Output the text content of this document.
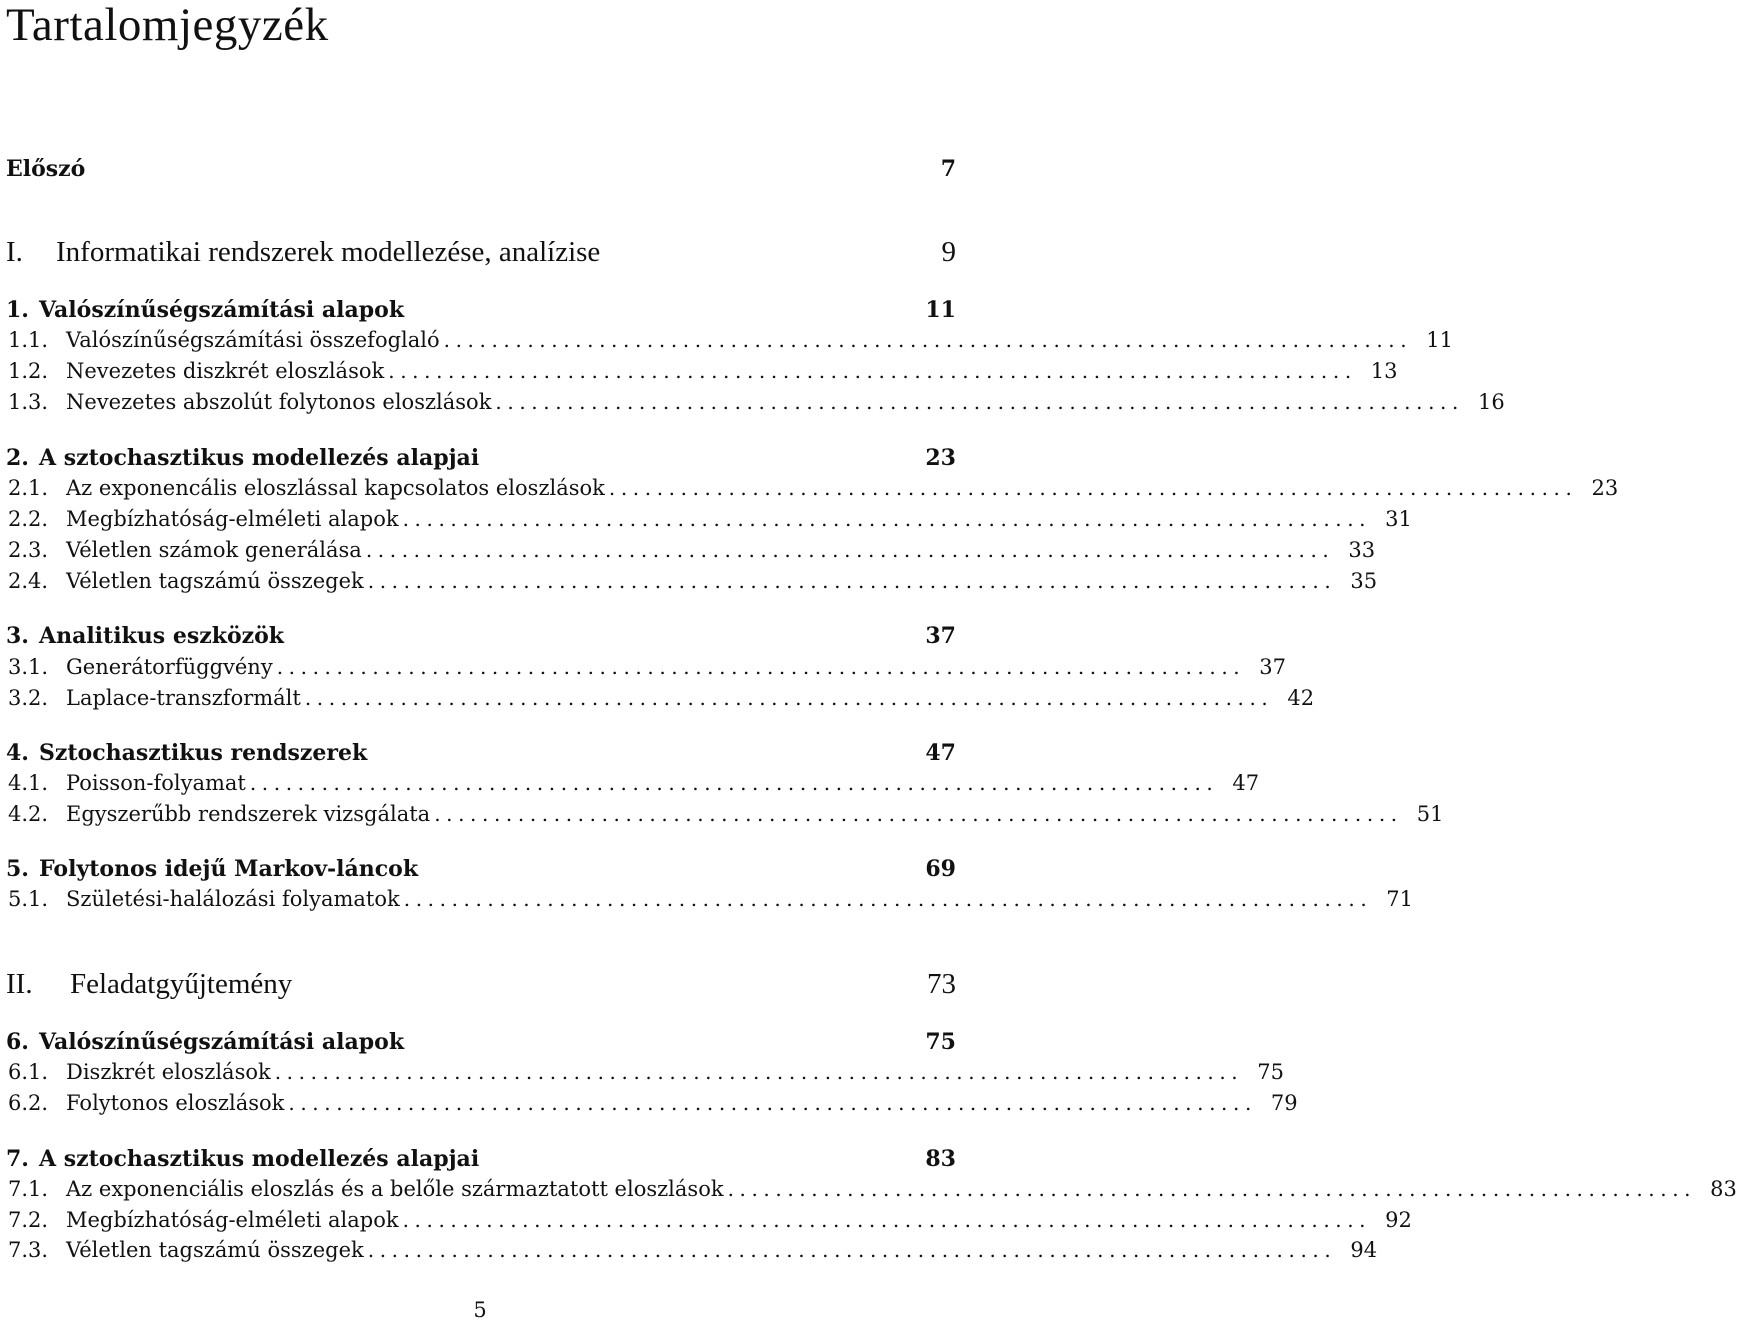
Tartalomjegyzék
Előszó	7
I.	Informatikai rendszerek modellezése, analízise	9
1. Valószínűségszámítási alapok	11
1.1. Valószínűségszámítási összefoglaló ................................................................................. 11
1.2. Nevezetes diszkrét eloszlások ................................................................................. 13
1.3. Nevezetes abszolút folytonos eloszlások ................................................................................. 16
2. A sztochasztikus modellezés alapjai	23
2.1. Az exponencális eloszlással kapcsolatos eloszlások ................................................................................. 23
2.2. Megbízhatóság-elméleti alapok ................................................................................. 31
2.3. Véletlen számok generálása ................................................................................. 33
2.4. Véletlen tagszámú összegek ................................................................................. 35
3. Analitikus eszközök	37
3.1. Generátorfüggvény ................................................................................. 37
3.2. Laplace-transzformált ................................................................................. 42
4. Sztochasztikus rendszerek	47
4.1. Poisson-folyamat ................................................................................. 47
4.2. Egyszerűbb rendszerek vizsgálata ................................................................................. 51
5. Folytonos idejű Markov-láncok	69
5.1. Születési-halálozási folyamatok ................................................................................. 71
II.	Feladatgyűjtemény	73
6. Valószínűségszámítási alapok	75
6.1. Diszkrét eloszlások ................................................................................. 75
6.2. Folytonos eloszlások ................................................................................. 79
7. A sztochasztikus modellezés alapjai	83
7.1. Az exponenciális eloszlás és a belőle származtatott eloszlások ................................................................................. 83
7.2. Megbízhatóság-elméleti alapok ................................................................................. 92
7.3. Véletlen tagszámú összegek ................................................................................. 94
5
